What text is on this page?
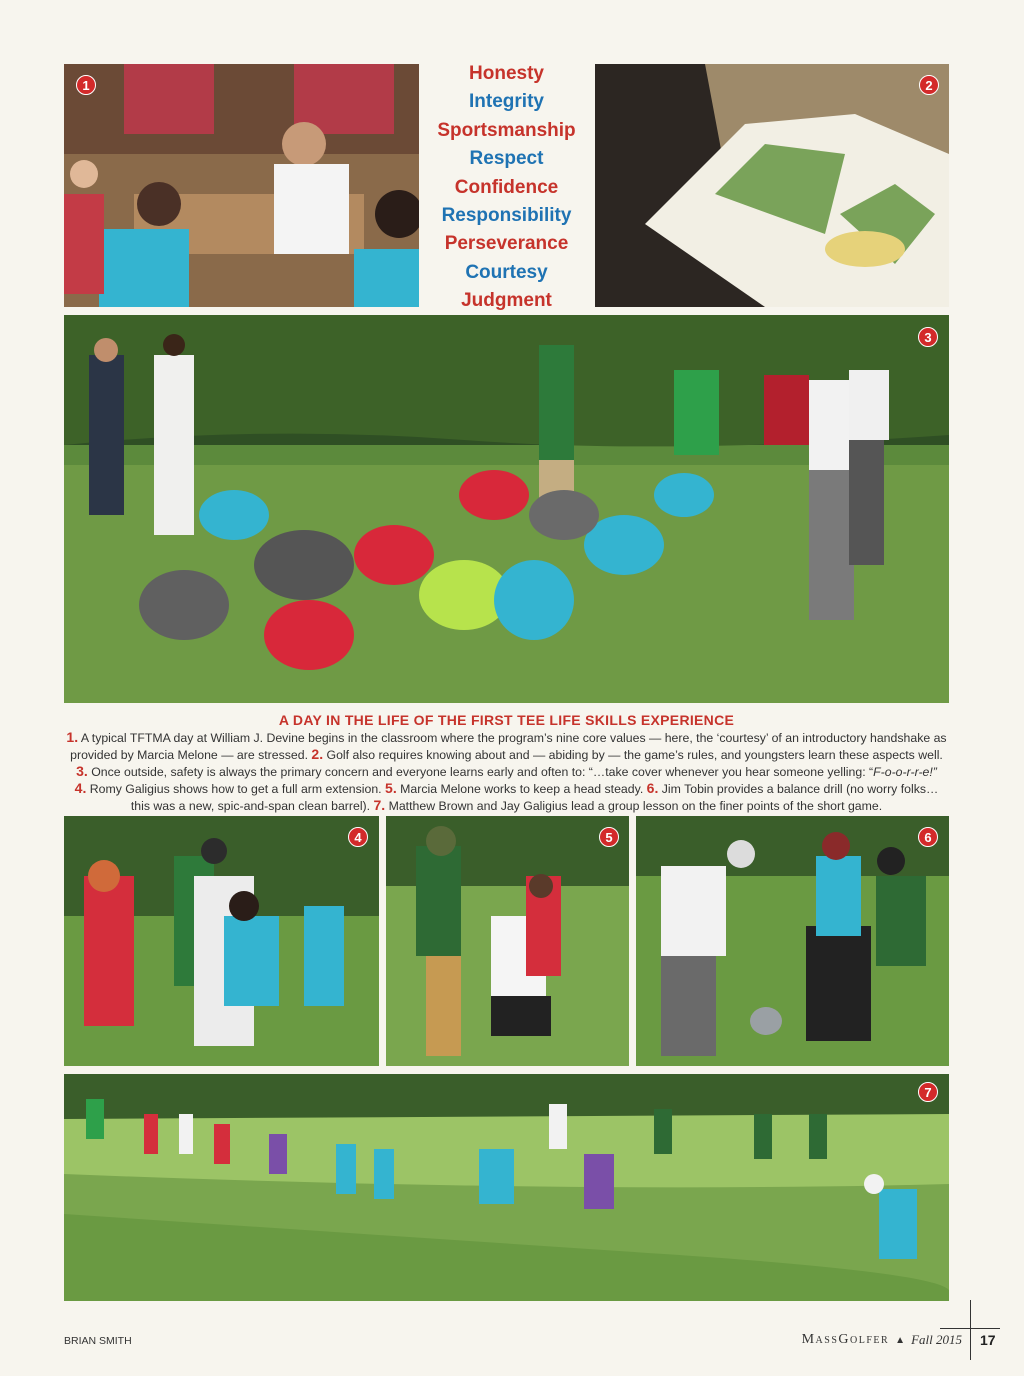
1
Honesty
Integrity
Sportsmanship
Respect
Confidence
Responsibility
Perseverance
Courtesy
Judgment
2
3
A DAY IN THE LIFE OF THE FIRST TEE LIFE SKILLS EXPERIENCE

1. A typical TFTMA day at William J. Devine begins in the classroom where the program’s nine core values — here, the ‘courtesy’ of an introductory handshake as

provided by Marcia Melone — are stressed. 2. Golf also requires knowing about and — abiding by — the game’s rules, and youngsters learn these aspects well.

3. Once outside, safety is always the primary concern and everyone learns early and often to: “…take cover whenever you hear someone yelling: “F-o-o-r-r-e!”

4. Romy Galigius shows how to get a full arm extension. 5. Marcia Melone works to keep a head steady. 6. Jim Tobin provides a balance drill (no worry folks…

this was a new, spic-and-span clean barrel). 7. Matthew Brown and Jay Galigius lead a group lesson on the finer points of the short game.

4	5	6
7
BRIAN SMITH	MassGolfer ▲ Fall 2015 17
